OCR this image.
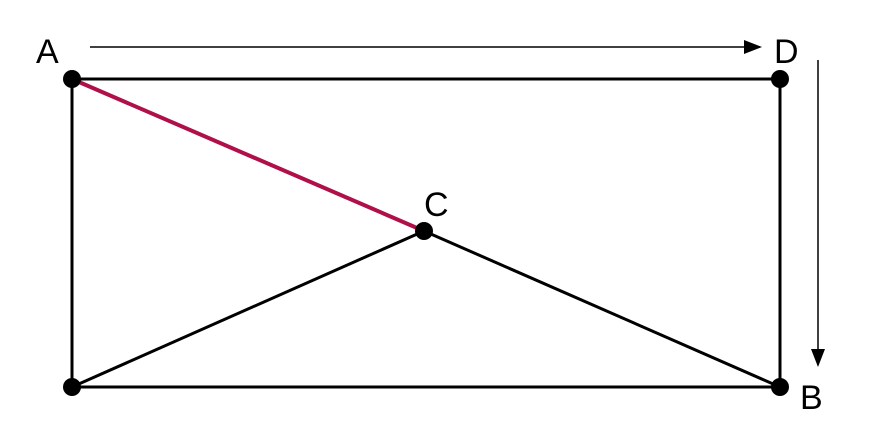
A	D
C
B
